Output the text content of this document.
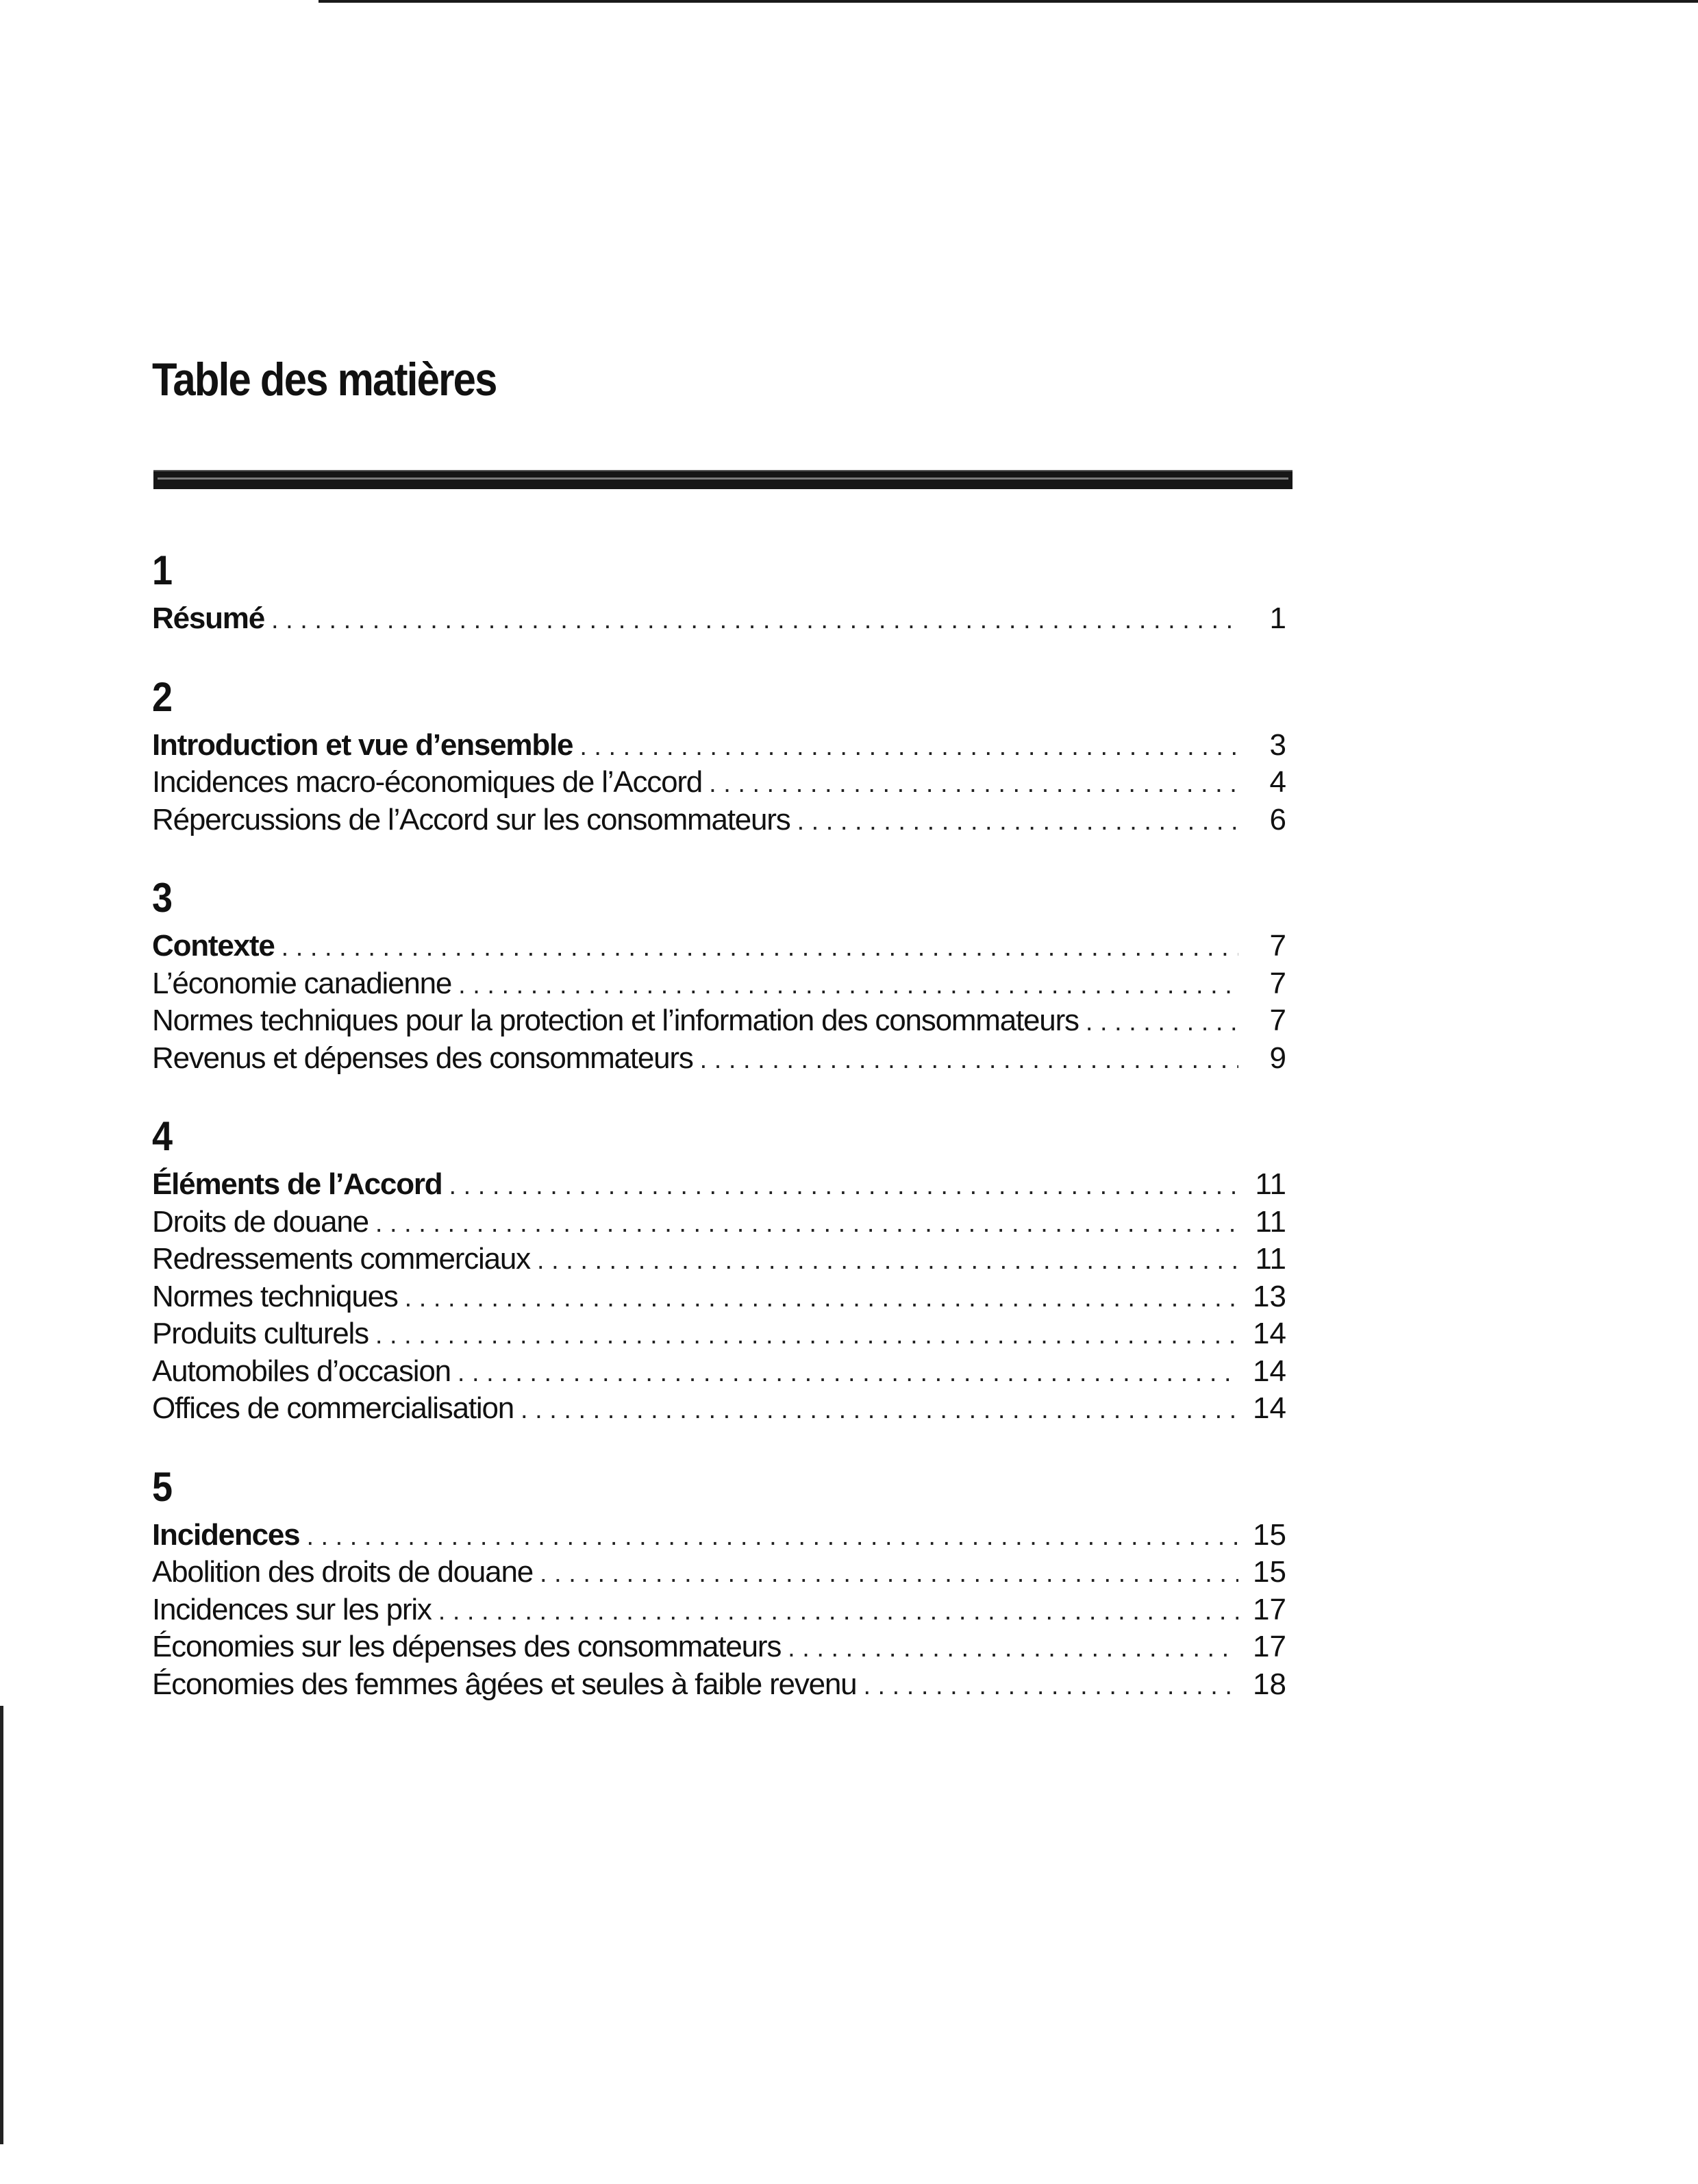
Table des matières
1
Résumé . . .	1
2
Introduction et vue d’ensemble . . .	3
Incidences macro-économiques de l’Accord . . .	4
Répercussions de l’Accord sur les consommateurs . . .	6
3
Contexte . . .	7
L’économie canadienne . . .	7
Normes techniques pour la protection et l’information des consommateurs . . .	7
Revenus et dépenses des consommateurs . . .	9
4
Éléments de l’Accord . . .	11
Droits de douane . . .	11
Redressements commerciaux . . .	11
Normes techniques . . .	13
Produits culturels . . .	14
Automobiles d’occasion . . .	14
Offices de commercialisation . . .	14
5
Incidences . . .	15
Abolition des droits de douane . . .	15
Incidences sur les prix . . .	17
Économies sur les dépenses des consommateurs . . .	17
Économies des femmes âgées et seules à faible revenu . . .	18
